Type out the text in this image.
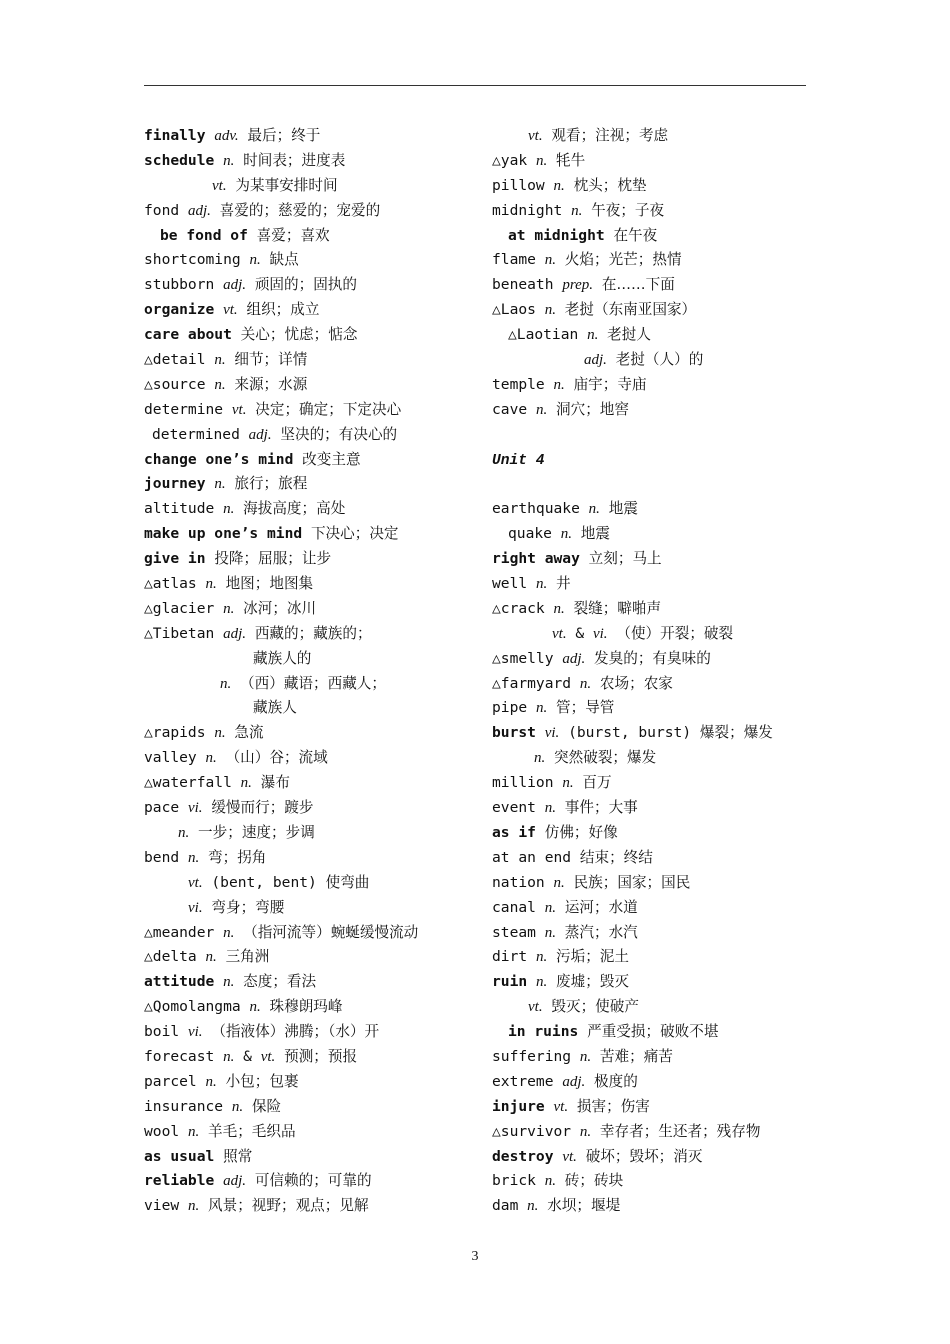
finally adv. 最后；终于
schedule n. 时间表；进度表
vt. 为某事安排时间
fond adj. 喜爱的；慈爱的；宠爱的
be fond of 喜爱；喜欢
shortcoming n. 缺点
stubborn adj. 顽固的；固执的
organize vt. 组织；成立
care about 关心；忧虑；惦念
△detail n. 细节；详情
△source n. 来源；水源
determine vt. 决定；确定；下定决心
determined adj. 坚决的；有决心的
change one’s mind 改变主意
journey n. 旅行；旅程
altitude n. 海拔高度；高处
make up one’s mind 下决心；决定
give in 投降；屈服；让步
△atlas n. 地图；地图集
△glacier n. 冰河；冰川
△Tibetan adj. 西藏的；藏族的；
藏族人的
n. （西）藏语；西藏人；
藏族人
△rapids n. 急流
valley n. （山）谷；流域
△waterfall n. 瀑布
pace vi. 缓慢而行；踱步
n. 一步；速度；步调
bend n. 弯；拐角
vt. (bent, bent) 使弯曲
vi. 弯身；弯腰
△meander n. （指河流等）蜿蜒缓慢流动
△delta n. 三角洲
attitude n. 态度；看法
△Qomolangma n. 珠穆朗玛峰
boil vi. （指液体）沸腾；（水）开
forecast n. & vt. 预测；预报
parcel n. 小包；包裹
insurance n. 保险
wool n. 羊毛；毛织品
as usual 照常
reliable adj. 可信赖的；可靠的
view n. 风景；视野；观点；见解
vt. 观看；注视；考虑
△yak n. 牦牛
pillow n. 枕头；枕垫
midnight n. 午夜；子夜
at midnight 在午夜
flame n. 火焰；光芒；热情
beneath prep. 在……下面
△Laos n. 老挝（东南亚国家）
△Laotian n. 老挝人
adj. 老挝（人）的
temple n. 庙宇；寺庙
cave n. 洞穴；地窖
Unit 4
earthquake n. 地震
quake n. 地震
right away 立刻；马上
well n. 井
△crack n. 裂缝；噼啪声
vt. & vi. （使）开裂；破裂
△smelly adj. 发臭的；有臭味的
△farmyard n. 农场；农家
pipe n. 管；导管
burst vi. (burst, burst) 爆裂；爆发
n. 突然破裂；爆发
million n. 百万
event n. 事件；大事
as if 仿佛；好像
at an end 结束；终结
nation n. 民族；国家；国民
canal n. 运河；水道
steam n. 蒸汽；水汽
dirt n. 污垢；泥土
ruin n. 废墟；毁灭
vt. 毁灭；使破产
in ruins 严重受损；破败不堪
suffering n. 苦难；痛苦
extreme adj. 极度的
injure vt. 损害；伤害
△survivor n. 幸存者；生还者；残存物
destroy vt. 破坏；毁坏；消灭
brick n. 砖；砖块
dam n. 水坝；堰堤
3
